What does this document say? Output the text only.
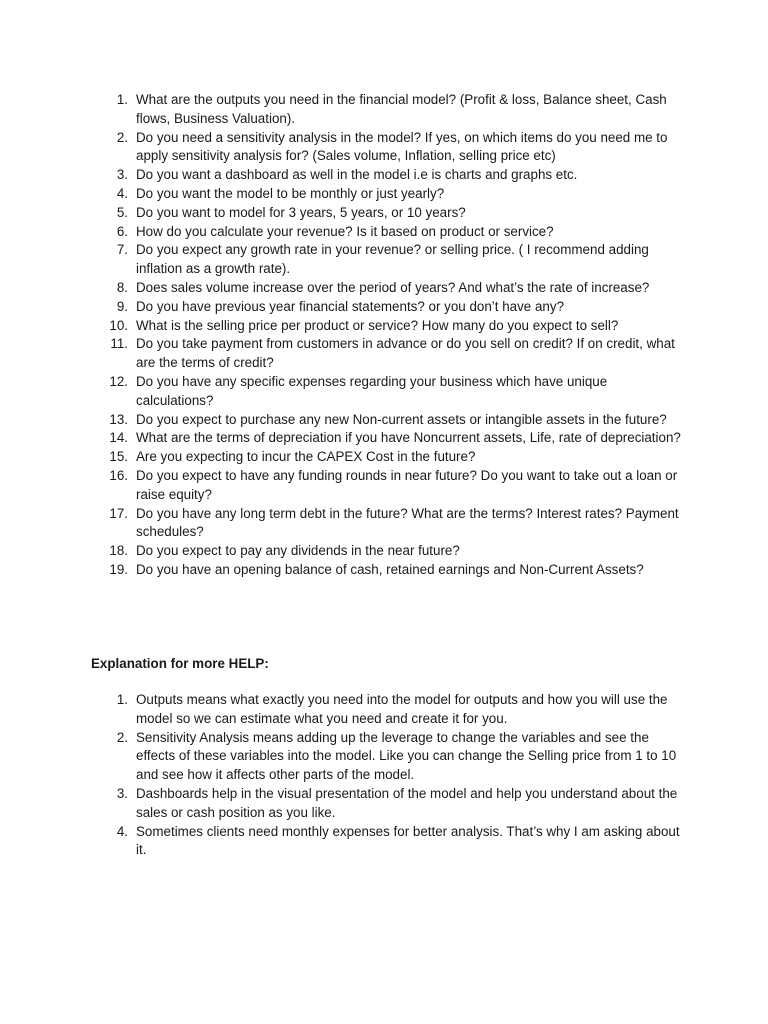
1. What are the outputs you need in the financial model? (Profit & loss, Balance sheet, Cash flows, Business Valuation).
2. Do you need a sensitivity analysis in the model? If yes, on which items do you need me to apply sensitivity analysis for? (Sales volume, Inflation, selling price etc)
3. Do you want a dashboard as well in the model i.e is charts and graphs etc.
4. Do you want the model to be monthly or just yearly?
5. Do you want to model for 3 years, 5 years, or 10 years?
6. How do you calculate your revenue? Is it based on product or service?
7. Do you expect any growth rate in your revenue? or selling price. ( I recommend adding inflation as a growth rate).
8. Does sales volume increase over the period of years? And what’s the rate of increase?
9. Do you have previous year financial statements? or you don’t have any?
10. What is the selling price per product or service? How many do you expect to sell?
11. Do you take payment from customers in advance or do you sell on credit? If on credit, what are the terms of credit?
12. Do you have any specific expenses regarding your business which have unique calculations?
13. Do you expect to purchase any new Non-current assets or intangible assets in the future?
14. What are the terms of depreciation if you have Noncurrent assets, Life, rate of depreciation?
15. Are you expecting to incur the CAPEX Cost in the future?
16. Do you expect to have any funding rounds in near future? Do you want to take out a loan or raise equity?
17. Do you have any long term debt in the future? What are the terms? Interest rates? Payment schedules?
18. Do you expect to pay any dividends in the near future?
19. Do you have an opening balance of cash, retained earnings and Non-Current Assets?
Explanation for more HELP:
1. Outputs means what exactly you need into the model for outputs and how you will use the model so we can estimate what you need and create it for you.
2. Sensitivity Analysis means adding up the leverage to change the variables and see the effects of these variables into the model. Like you can change the Selling price from 1 to 10 and see how it affects other parts of the model.
3. Dashboards help in the visual presentation of the model and help you understand about the sales or cash position as you like.
4. Sometimes clients need monthly expenses for better analysis. That’s why I am asking about it.
